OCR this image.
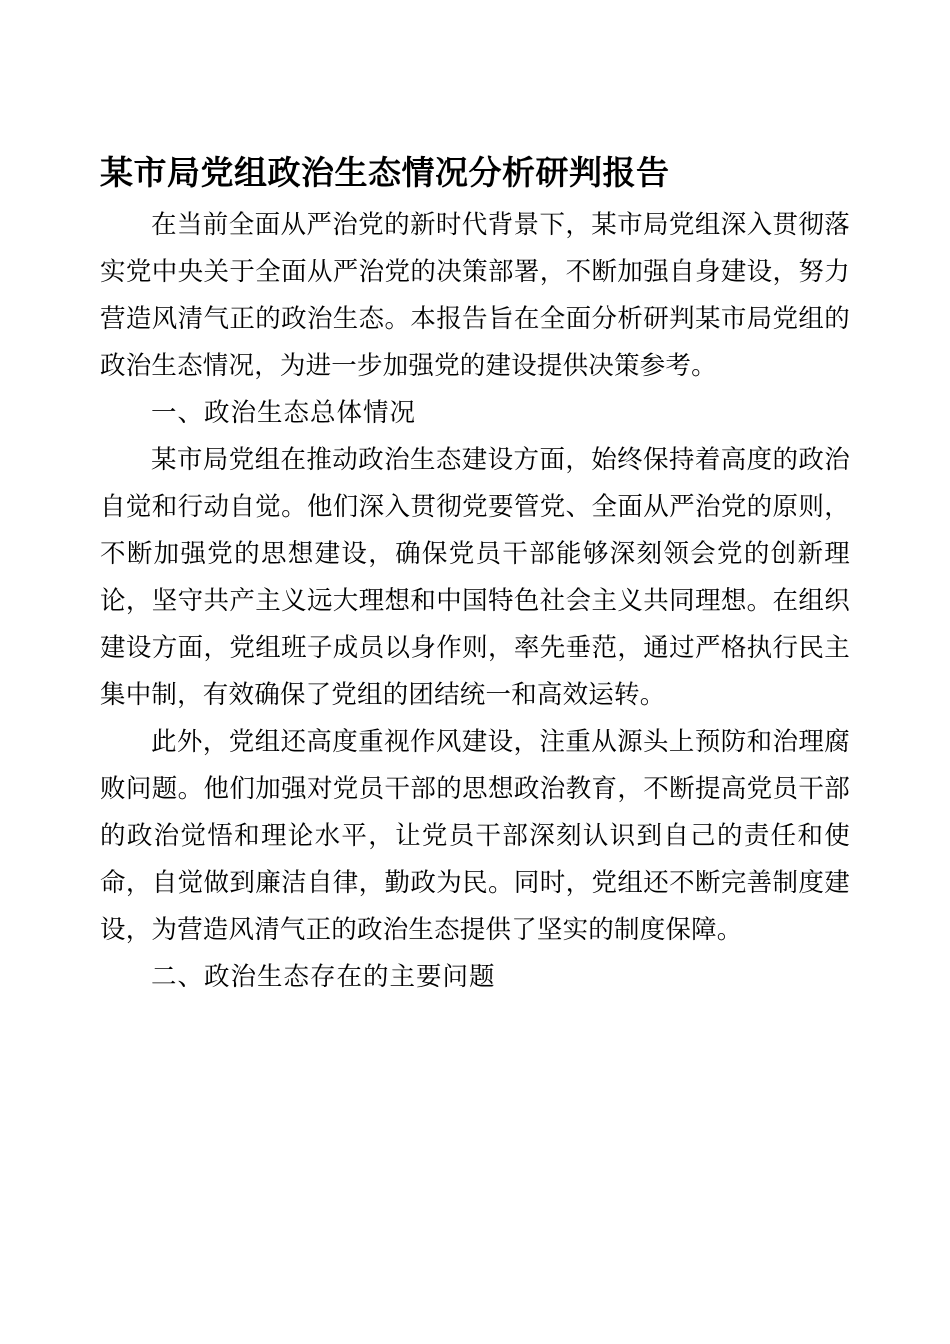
某市局党组政治生态情况分析研判报告

在当前全面从严治党的新时代背景下，某市局党组深入贯彻落实党中央关于全面从严治党的决策部署，不断加强自身建设，努力营造风清气正的政治生态。本报告旨在全面分析研判某市局党组的政治生态情况，为进一步加强党的建设提供决策参考。

一、政治生态总体情况

某市局党组在推动政治生态建设方面，始终保持着高度的政治自觉和行动自觉。他们深入贯彻党要管党、全面从严治党的原则，不断加强党的思想建设，确保党员干部能够深刻领会党的创新理论，坚守共产主义远大理想和中国特色社会主义共同理想。在组织建设方面，党组班子成员以身作则，率先垂范，通过严格执行民主集中制，有效确保了党组的团结统一和高效运转。

此外，党组还高度重视作风建设，注重从源头上预防和治理腐败问题。他们加强对党员干部的思想政治教育，不断提高党员干部的政治觉悟和理论水平，让党员干部深刻认识到自己的责任和使命，自觉做到廉洁自律，勤政为民。同时，党组还不断完善制度建设，为营造风清气正的政治生态提供了坚实的制度保障。

二、政治生态存在的主要问题
